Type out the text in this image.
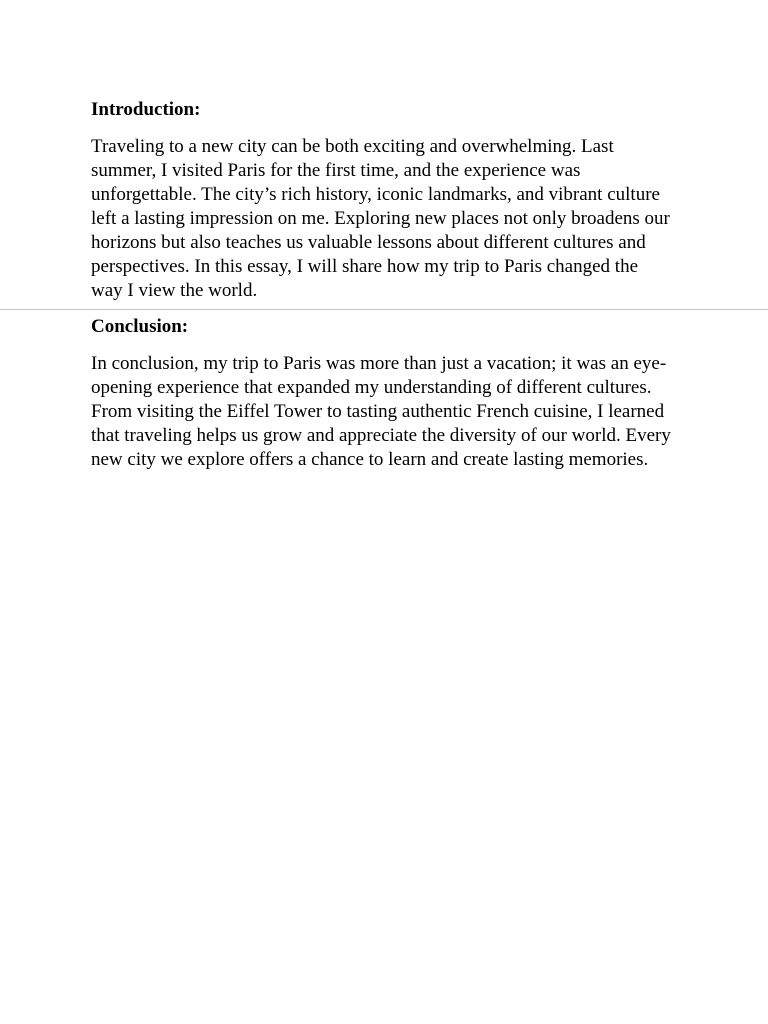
Introduction:

Traveling to a new city can be both exciting and overwhelming. Last summer, I visited Paris for the first time, and the experience was unforgettable. The city’s rich history, iconic landmarks, and vibrant culture left a lasting impression on me. Exploring new places not only broadens our horizons but also teaches us valuable lessons about different cultures and perspectives. In this essay, I will share how my trip to Paris changed the way I view the world.

Conclusion:

In conclusion, my trip to Paris was more than just a vacation; it was an eye-opening experience that expanded my understanding of different cultures. From visiting the Eiffel Tower to tasting authentic French cuisine, I learned that traveling helps us grow and appreciate the diversity of our world. Every new city we explore offers a chance to learn and create lasting memories.
